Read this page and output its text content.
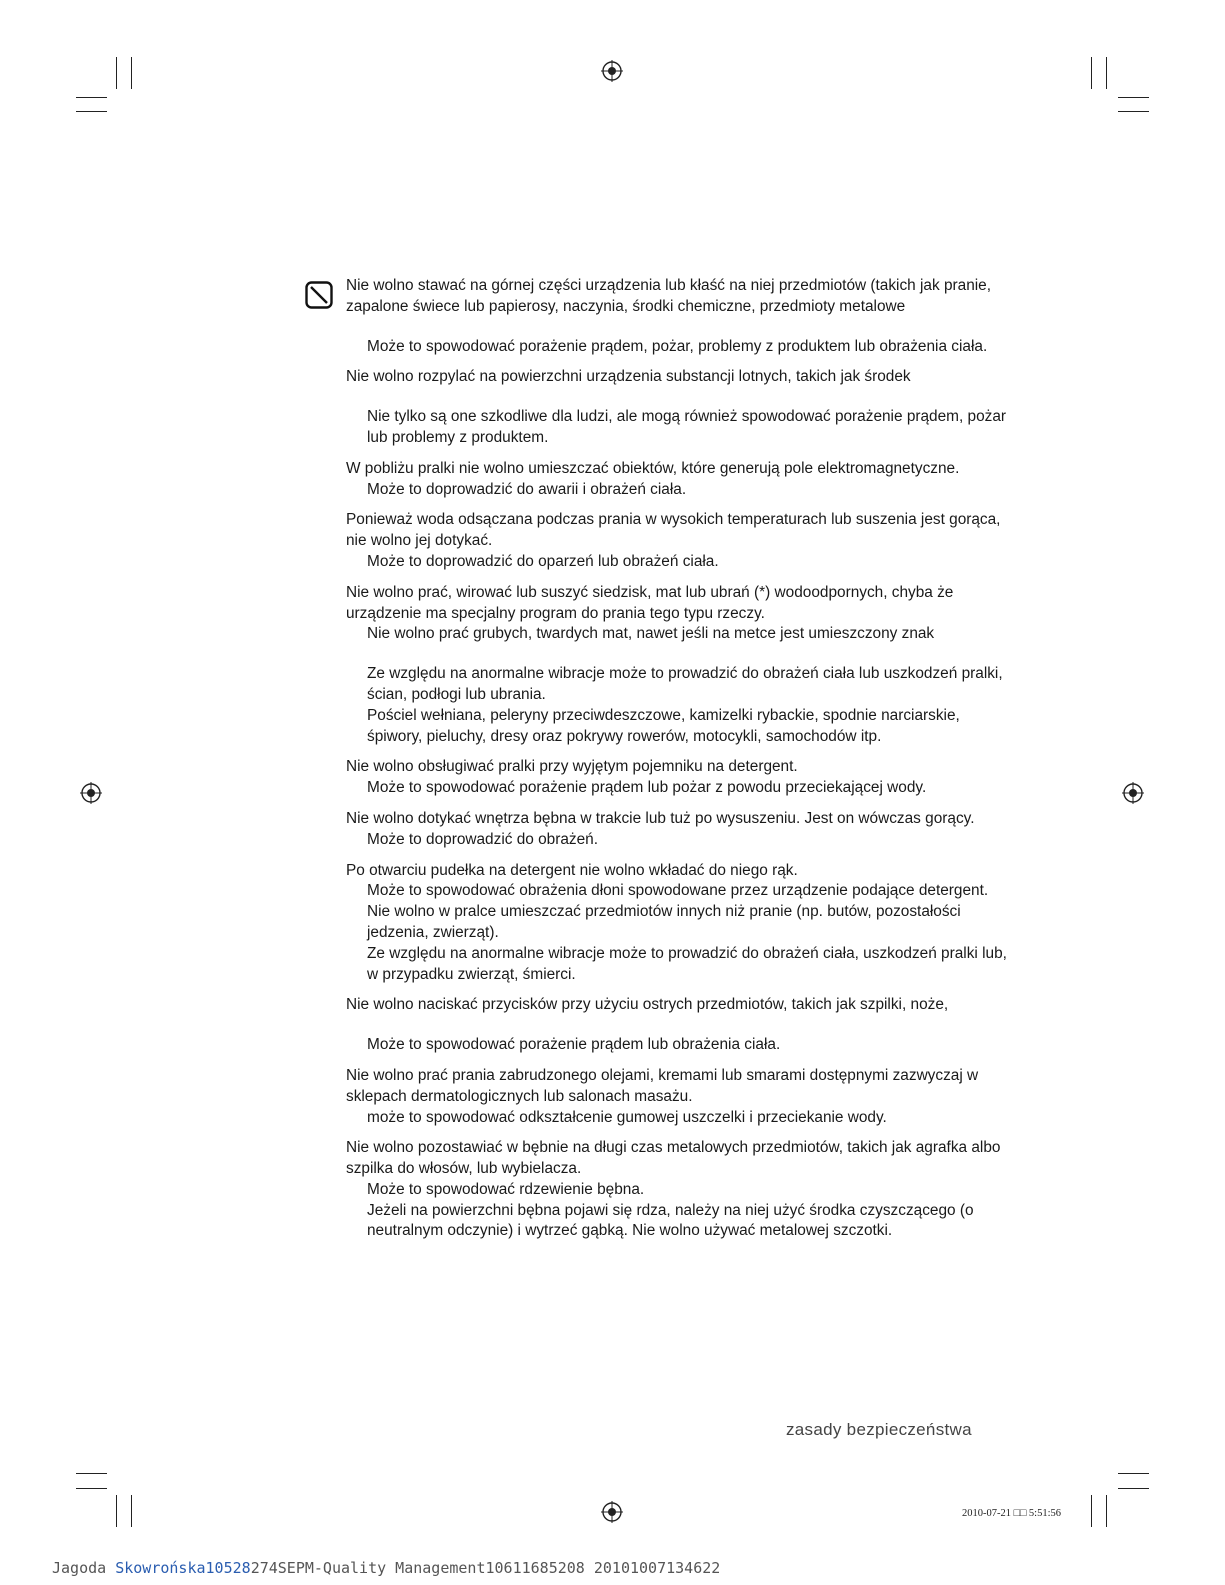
Nie wolno stawać na górnej części urządzenia lub kłaść na niej przedmiotów (takich jak pranie, zapalone świece lub papierosy, naczynia, środki chemiczne, przedmioty metalowe

Może to spowodować porażenie prądem, pożar, problemy z produktem lub obrażenia ciała.

Nie wolno rozpylać na powierzchni urządzenia substancji lotnych, takich jak środek

Nie tylko są one szkodliwe dla ludzi, ale mogą również spowodować porażenie prądem, pożar lub problemy z produktem.

W pobliżu pralki nie wolno umieszczać obiektów, które generują pole elektromagnetyczne.

Może to doprowadzić do awarii i obrażeń ciała.

Ponieważ woda odsączana podczas prania w wysokich temperaturach lub suszenia jest gorąca, nie wolno jej dotykać.

Może to doprowadzić do oparzeń lub obrażeń ciała.

Nie wolno prać, wirować lub suszyć siedzisk, mat lub ubrań (*) wodoodpornych, chyba że urządzenie ma specjalny program do prania tego typu rzeczy.

Nie wolno prać grubych, twardych mat, nawet jeśli na metce jest umieszczony znak

Ze względu na anormalne wibracje może to prowadzić do obrażeń ciała lub uszkodzeń pralki, ścian, podłogi lub ubrania.

Pościel wełniana, peleryny przeciwdeszczowe, kamizelki rybackie, spodnie narciarskie, śpiwory, pieluchy, dresy oraz pokrywy rowerów, motocykli, samochodów itp.

Nie wolno obsługiwać pralki przy wyjętym pojemniku na detergent.

Może to spowodować porażenie prądem lub pożar z powodu przeciekającej wody.

Nie wolno dotykać wnętrza bębna w trakcie lub tuż po wysuszeniu. Jest on wówczas gorący.

Może to doprowadzić do obrażeń.

Po otwarciu pudełka na detergent nie wolno wkładać do niego rąk.

Może to spowodować obrażenia dłoni spowodowane przez urządzenie podające detergent. Nie wolno w pralce umieszczać przedmiotów innych niż pranie (np. butów, pozostałości jedzenia, zwierząt).

Ze względu na anormalne wibracje może to prowadzić do obrażeń ciała, uszkodzeń pralki lub, w przypadku zwierząt, śmierci.

Nie wolno naciskać przycisków przy użyciu ostrych przedmiotów, takich jak szpilki, noże,

Może to spowodować porażenie prądem lub obrażenia ciała.

Nie wolno prać prania zabrudzonego olejami, kremami lub smarami dostępnymi zazwyczaj w sklepach dermatologicznych lub salonach masażu.

może to spowodować odkształcenie gumowej uszczelki i przeciekanie wody.

Nie wolno pozostawiać w bębnie na długi czas metalowych przedmiotów, takich jak agrafka albo szpilka do włosów, lub wybielacza.

Może to spowodować rdzewienie bębna.

Jeżeli na powierzchni bębna pojawi się rdza, należy na niej użyć środka czyszczącego (o neutralnym odczynie) i wytrzeć gąbką. Nie wolno używać metalowej szczotki.

zasady bezpieczeństwa
2010-07-21 □□ 5:51:56
Jagoda Skowrońska10528274SEPM-Quality Management10611685208 20101007134622
